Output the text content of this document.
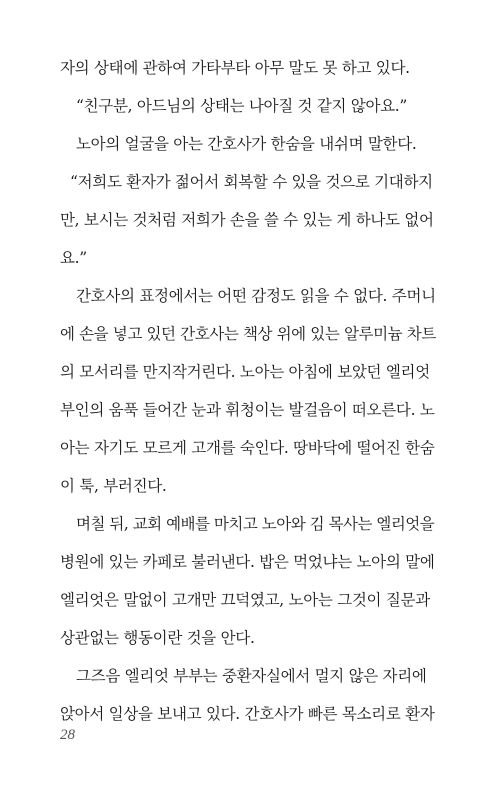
자의 상태에 관하여 가타부타 아무 말도 못 하고 있다.
“친구분, 아드님의 상태는 나아질 것 같지 않아요.”
노아의 얼굴을 아는 간호사가 한숨을 내쉬며 말한다.
“저희도 환자가 젊어서 회복할 수 있을 것으로 기대하지
만, 보시는 것처럼 저희가 손을 쓸 수 있는 게 하나도 없어
요.”
간호사의 표정에서는 어떤 감정도 읽을 수 없다. 주머니
에 손을 넣고 있던 간호사는 책상 위에 있는 알루미늄 차트
의 모서리를 만지작거린다. 노아는 아침에 보았던 엘리엇
부인의 움푹 들어간 눈과 휘청이는 발걸음이 떠오른다. 노
아는 자기도 모르게 고개를 숙인다. 땅바닥에 떨어진 한숨
이 툭, 부러진다.
며칠 뒤, 교회 예배를 마치고 노아와 김 목사는 엘리엇을
병원에 있는 카페로 불러낸다. 밥은 먹었냐는 노아의 말에
엘리엇은 말없이 고개만 끄덕였고, 노아는 그것이 질문과
상관없는 행동이란 것을 안다.
그즈음 엘리엇 부부는 중환자실에서 멀지 않은 자리에
앉아서 일상을 보내고 있다. 간호사가 빠른 목소리로 환자
28
